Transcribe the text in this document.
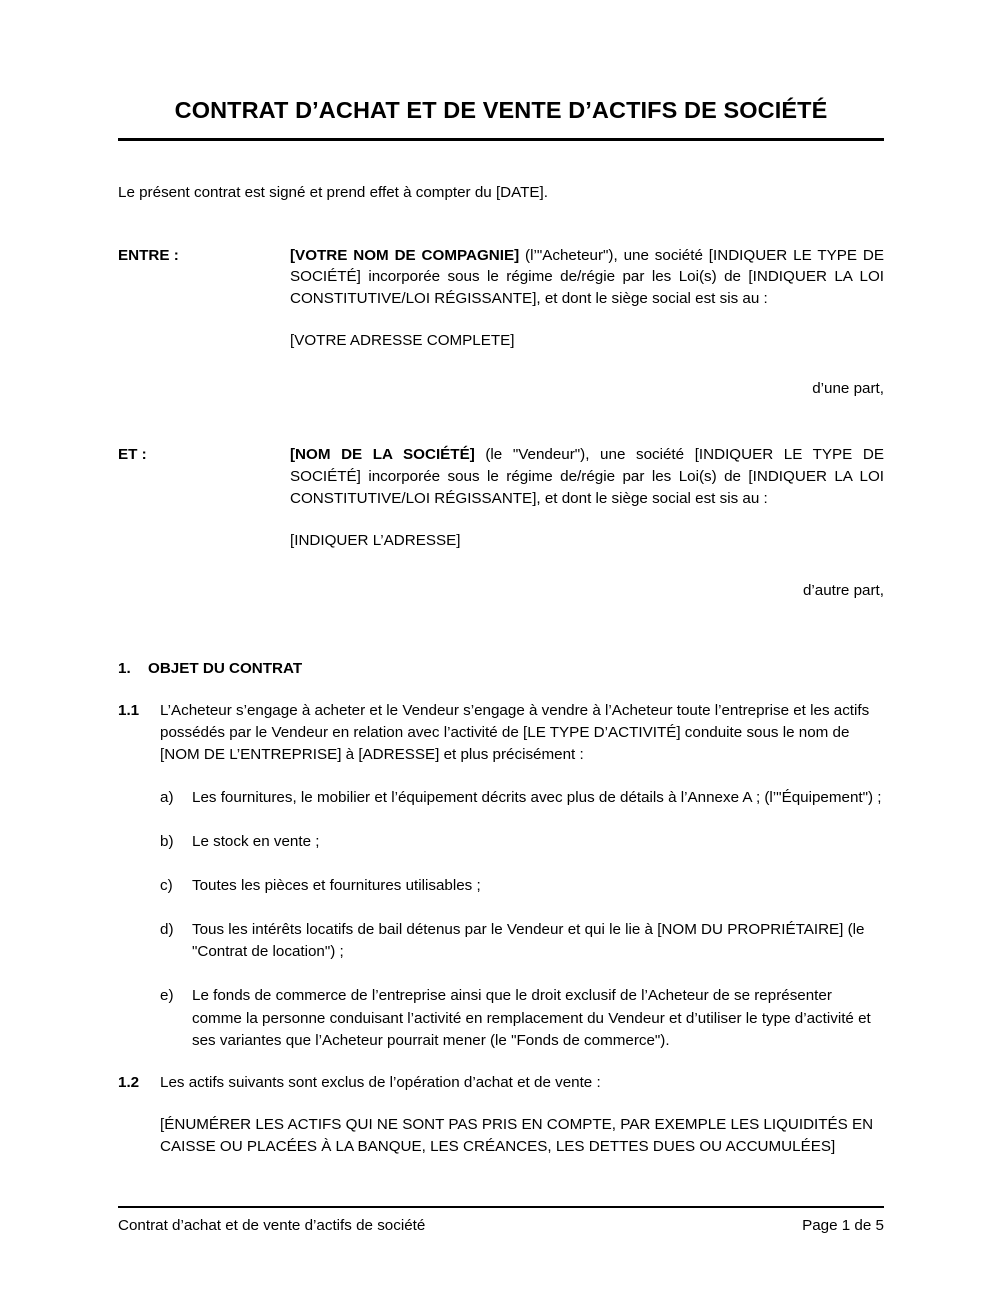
CONTRAT D’ACHAT ET DE VENTE D’ACTIFS DE SOCIÉTÉ

Le présent contrat est signé et prend effet à compter du [DATE].

ENTRE :	[VOTRE NOM DE COMPAGNIE] (l’"Acheteur"), une société [INDIQUER LE TYPE DE SOCIÉTÉ] incorporée sous le régime de/régie par les Loi(s) de [INDIQUER LA LOI CONSTITUTIVE/LOI RÉGISSANTE], et dont le siège social est sis au :
[VOTRE ADRESSE COMPLETE]
d’une part,
ET :	[NOM DE LA SOCIÉTÉ] (le "Vendeur"), une société [INDIQUER LE TYPE DE SOCIÉTÉ] incorporée sous le régime de/régie par les Loi(s) de [INDIQUER LA LOI CONSTITUTIVE/LOI RÉGISSANTE], et dont le siège social est sis au :
[INDIQUER L’ADRESSE]
d’autre part,
1.	OBJET DU CONTRAT
1.1	L’Acheteur s’engage à acheter et le Vendeur s’engage à vendre à l’Acheteur toute l’entreprise et les actifs possédés par le Vendeur en relation avec l’activité de [LE TYPE D’ACTIVITÉ] conduite sous le nom de [NOM DE L’ENTREPRISE] à [ADRESSE] et plus précisément :
a)	Les fournitures, le mobilier et l’équipement décrits avec plus de détails à l’Annexe A ; (l’"Équipement") ;
b)	Le stock en vente ;
c)	Toutes les pièces et fournitures utilisables ;
d)	Tous les intérêts locatifs de bail détenus par le Vendeur et qui le lie à [NOM DU PROPRIÉTAIRE] (le "Contrat de location") ;
e)	Le fonds de commerce de l’entreprise ainsi que le droit exclusif de l’Acheteur de se représenter comme la personne conduisant l’activité en remplacement du Vendeur et d’utiliser le type d’activité et ses variantes que l’Acheteur pourrait mener (le "Fonds de commerce").
1.2	Les actifs suivants sont exclus de l’opération d’achat et de vente :
[ÉNUMÉRER LES ACTIFS QUI NE SONT PAS PRIS EN COMPTE, PAR EXEMPLE LES LIQUIDITÉS EN CAISSE OU PLACÉES À LA BANQUE, LES CRÉANCES, LES DETTES DUES OU ACCUMULÉES]
Contrat d’achat et de vente d’actifs de société	Page 1 de 5
